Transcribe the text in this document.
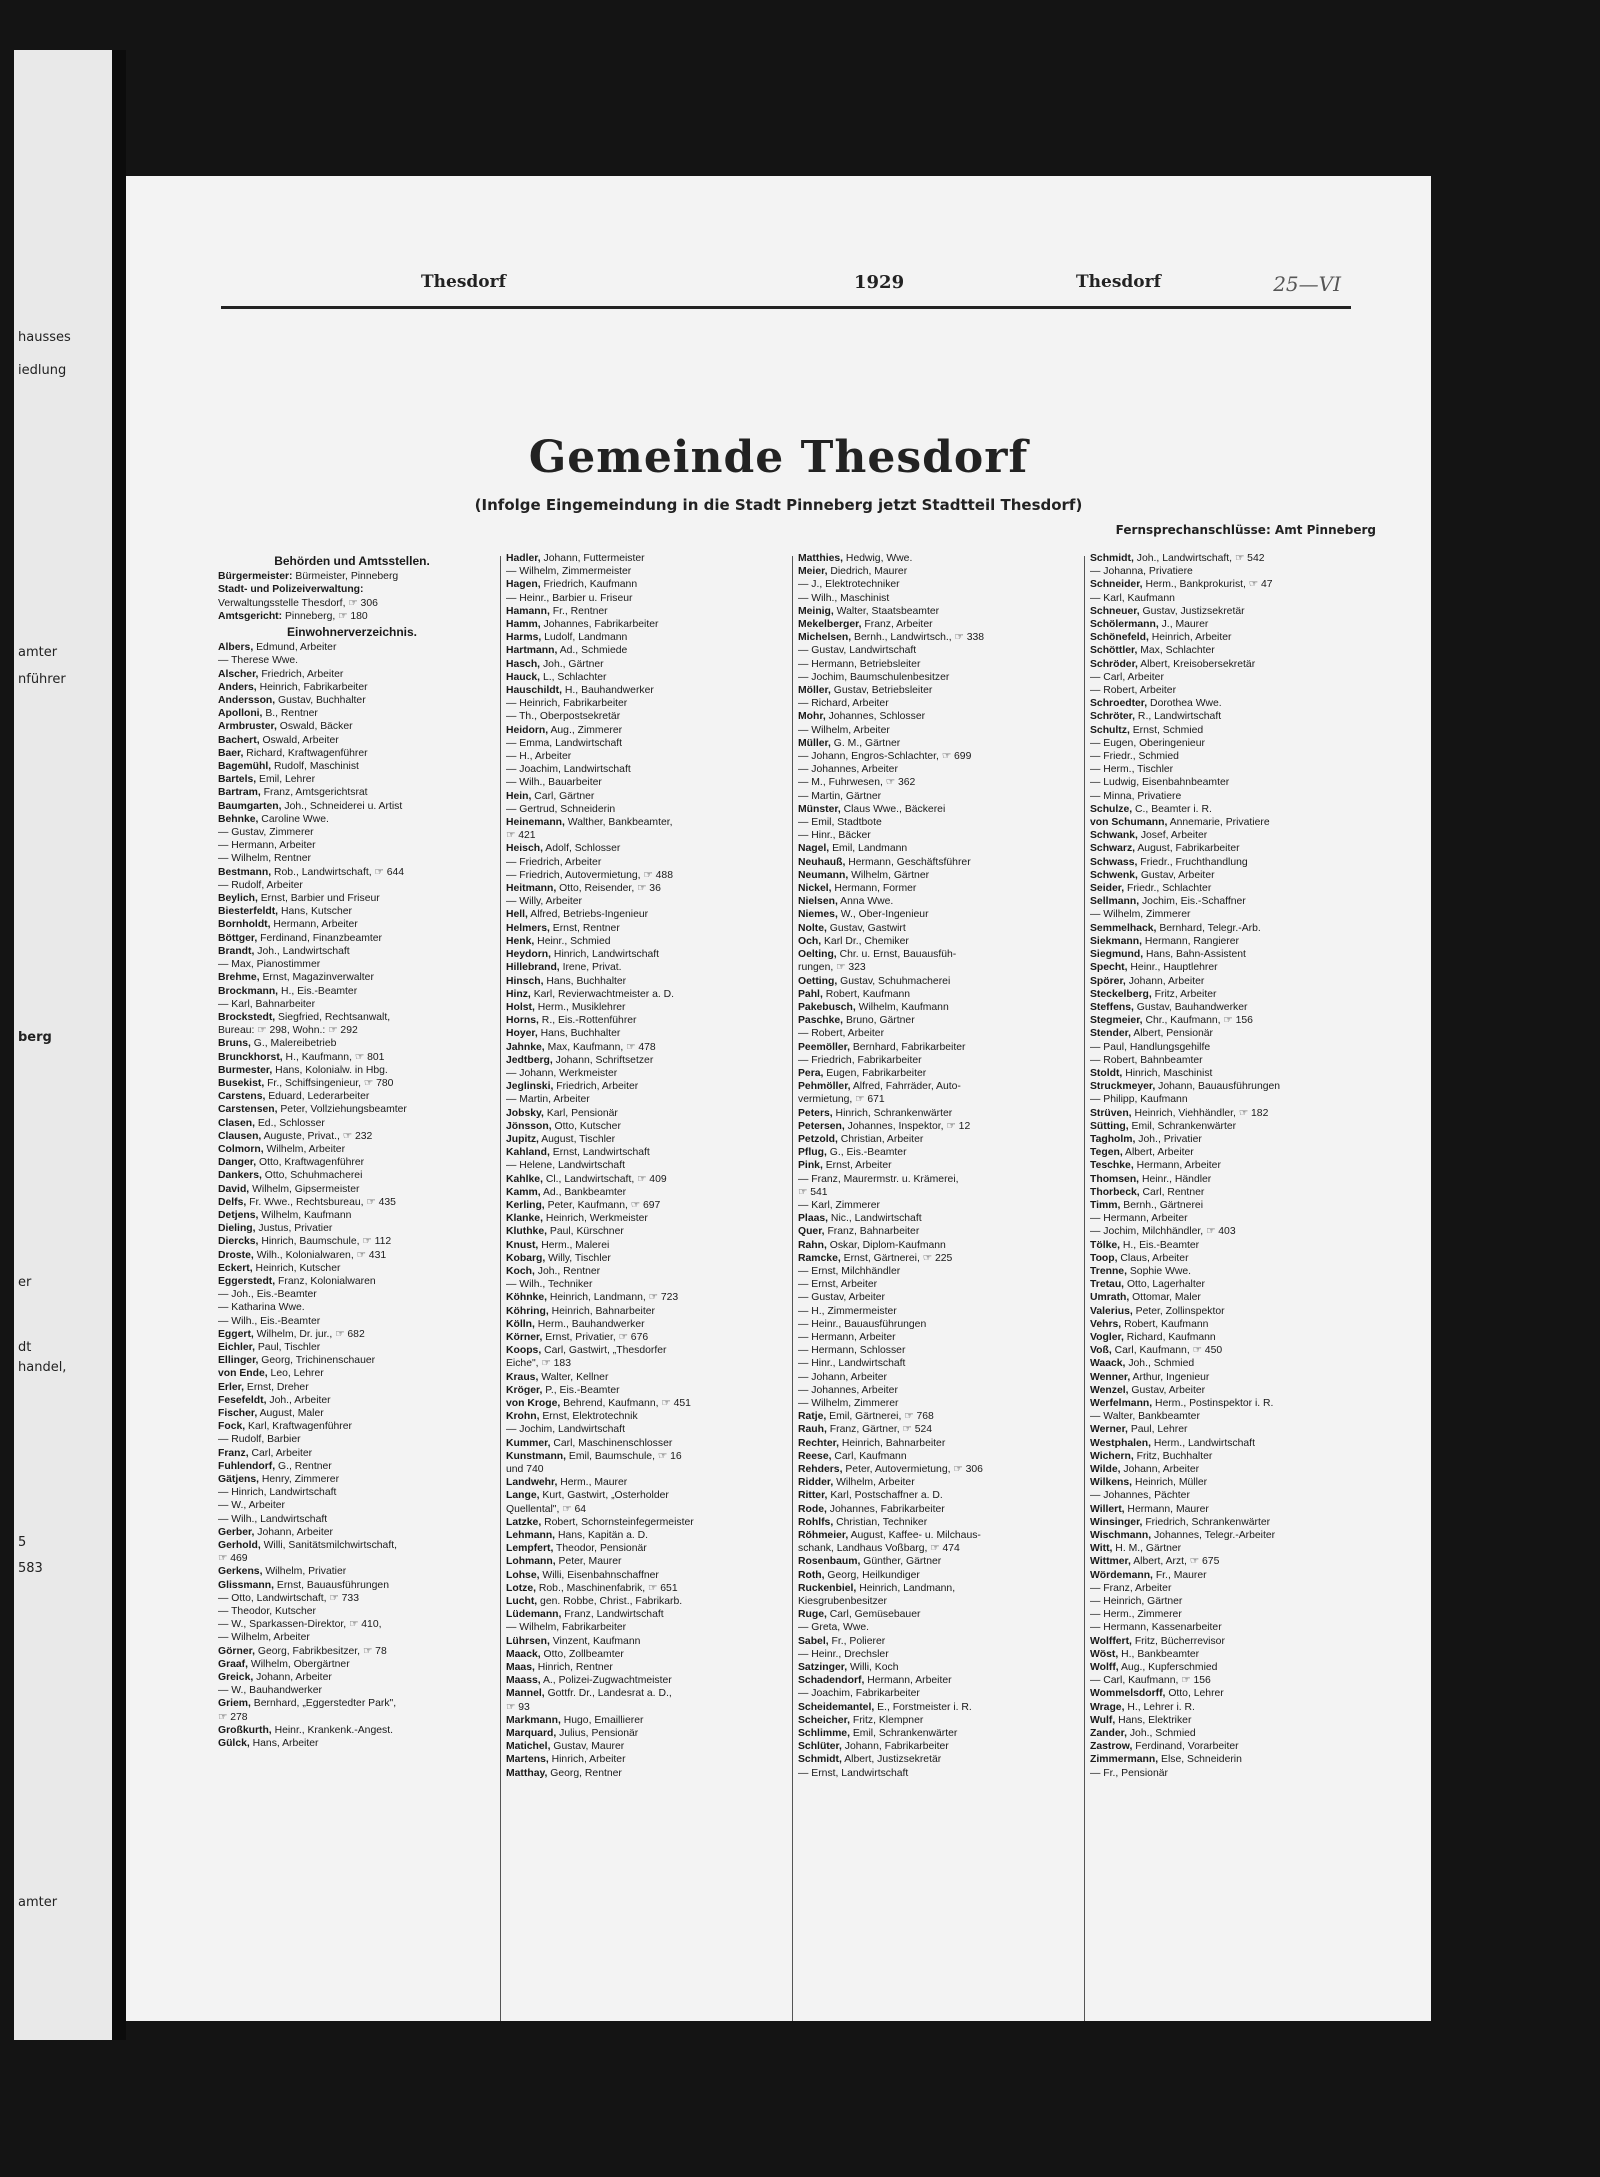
hausses
iedlung
amter
nführer
berg
er
dt
handel,
5
583
amter
Thesdorf	1929	Thesdorf	25—VI
Gemeinde Thesdorf
(Infolge Eingemeindung in die Stadt Pinneberg jetzt Stadtteil Thesdorf)
Fernsprechanschlüsse: Amt Pinneberg
Behörden und Amtsstellen.
Bürgermeister: Bürmeister, Pinneberg
Stadt- und Polizeiverwaltung:
Verwaltungsstelle Thesdorf, ☞ 306
Amtsgericht: Pinneberg, ☞ 180
Einwohnerverzeichnis.
Albers, Edmund, Arbeiter
— Therese Wwe.
Alscher, Friedrich, Arbeiter
Anders, Heinrich, Fabrikarbeiter
Andersson, Gustav, Buchhalter
Apolloni, B., Rentner
Armbruster, Oswald, Bäcker
Bachert, Oswald, Arbeiter
Baer, Richard, Kraftwagenführer
Bagemühl, Rudolf, Maschinist
Bartels, Emil, Lehrer
Bartram, Franz, Amtsgerichtsrat
Baumgarten, Joh., Schneiderei u. Artist
Behnke, Caroline Wwe.
— Gustav, Zimmerer
— Hermann, Arbeiter
— Wilhelm, Rentner
Bestmann, Rob., Landwirtschaft, ☞ 644
— Rudolf, Arbeiter
Beylich, Ernst, Barbier und Friseur
Biesterfeldt, Hans, Kutscher
Bornholdt, Hermann, Arbeiter
Böttger, Ferdinand, Finanzbeamter
Brandt, Joh., Landwirtschaft
— Max, Pianostimmer
Brehme, Ernst, Magazinverwalter
Brockmann, H., Eis.-Beamter
— Karl, Bahnarbeiter
Brockstedt, Siegfried, Rechtsanwalt,
Bureau: ☞ 298, Wohn.: ☞ 292
Bruns, G., Malereibetrieb
Brunckhorst, H., Kaufmann, ☞ 801
Burmester, Hans, Kolonialw. in Hbg.
Busekist, Fr., Schiffsingenieur, ☞ 780
Carstens, Eduard, Lederarbeiter
Carstensen, Peter, Vollziehungsbeamter
Clasen, Ed., Schlosser
Clausen, Auguste, Privat., ☞ 232
Colmorn, Wilhelm, Arbeiter
Danger, Otto, Kraftwagenführer
Dankers, Otto, Schuhmacherei
David, Wilhelm, Gipsermeister
Delfs, Fr. Wwe., Rechtsbureau, ☞ 435
Detjens, Wilhelm, Kaufmann
Dieling, Justus, Privatier
Diercks, Hinrich, Baumschule, ☞ 112
Droste, Wilh., Kolonialwaren, ☞ 431
Eckert, Heinrich, Kutscher
Eggerstedt, Franz, Kolonialwaren
— Joh., Eis.-Beamter
— Katharina Wwe.
— Wilh., Eis.-Beamter
Eggert, Wilhelm, Dr. jur., ☞ 682
Eichler, Paul, Tischler
Ellinger, Georg, Trichinenschauer
von Ende, Leo, Lehrer
Erler, Ernst, Dreher
Fesefeldt, Joh., Arbeiter
Fischer, August, Maler
Fock, Karl, Kraftwagenführer
— Rudolf, Barbier
Franz, Carl, Arbeiter
Fuhlendorf, G., Rentner
Gätjens, Henry, Zimmerer
— Hinrich, Landwirtschaft
— W., Arbeiter
— Wilh., Landwirtschaft
Gerber, Johann, Arbeiter
Gerhold, Willi, Sanitätsmilchwirtschaft,
☞ 469
Gerkens, Wilhelm, Privatier
Glissmann, Ernst, Bauausführungen
— Otto, Landwirtschaft, ☞ 733
— Theodor, Kutscher
— W., Sparkassen-Direktor, ☞ 410,
— Wilhelm, Arbeiter
Görner, Georg, Fabrikbesitzer, ☞ 78
Graaf, Wilhelm, Obergärtner
Greick, Johann, Arbeiter
— W., Bauhandwerker
Griem, Bernhard, „Eggerstedter Park",
☞ 278
Großkurth, Heinr., Krankenk.-Angest.
Gülck, Hans, Arbeiter
Hadler, Johann, Futtermeister
— Wilhelm, Zimmermeister
Hagen, Friedrich, Kaufmann
— Heinr., Barbier u. Friseur
Hamann, Fr., Rentner
Hamm, Johannes, Fabrikarbeiter
Harms, Ludolf, Landmann
Hartmann, Ad., Schmiede
Hasch, Joh., Gärtner
Hauck, L., Schlachter
Hauschildt, H., Bauhandwerker
— Heinrich, Fabrikarbeiter
— Th., Oberpostsekretär
Heidorn, Aug., Zimmerer
— Emma, Landwirtschaft
— H., Arbeiter
— Joachim, Landwirtschaft
— Wilh., Bauarbeiter
Hein, Carl, Gärtner
— Gertrud, Schneiderin
Heinemann, Walther, Bankbeamter,
☞ 421
Heisch, Adolf, Schlosser
— Friedrich, Arbeiter
— Friedrich, Autovermietung, ☞ 488
Heitmann, Otto, Reisender, ☞ 36
— Willy, Arbeiter
Hell, Alfred, Betriebs-Ingenieur
Helmers, Ernst, Rentner
Henk, Heinr., Schmied
Heydorn, Hinrich, Landwirtschaft
Hillebrand, Irene, Privat.
Hinsch, Hans, Buchhalter
Hinz, Karl, Revierwachtmeister a. D.
Holst, Herm., Musiklehrer
Horns, R., Eis.-Rottenführer
Hoyer, Hans, Buchhalter
Jahnke, Max, Kaufmann, ☞ 478
Jedtberg, Johann, Schriftsetzer
— Johann, Werkmeister
Jeglinski, Friedrich, Arbeiter
— Martin, Arbeiter
Jobsky, Karl, Pensionär
Jönsson, Otto, Kutscher
Jupitz, August, Tischler
Kahland, Ernst, Landwirtschaft
— Helene, Landwirtschaft
Kahlke, Cl., Landwirtschaft, ☞ 409
Kamm, Ad., Bankbeamter
Kerling, Peter, Kaufmann, ☞ 697
Klanke, Heinrich, Werkmeister
Kluthke, Paul, Kürschner
Knust, Herm., Malerei
Kobarg, Willy, Tischler
Koch, Joh., Rentner
— Wilh., Techniker
Köhnke, Heinrich, Landmann, ☞ 723
Köhring, Heinrich, Bahnarbeiter
Kölln, Herm., Bauhandwerker
Körner, Ernst, Privatier, ☞ 676
Koops, Carl, Gastwirt, „Thesdorfer
Eiche", ☞ 183
Kraus, Walter, Kellner
Kröger, P., Eis.-Beamter
von Kroge, Behrend, Kaufmann, ☞ 451
Krohn, Ernst, Elektrotechnik
— Jochim, Landwirtschaft
Kummer, Carl, Maschinenschlosser
Kunstmann, Emil, Baumschule, ☞ 16
und 740
Landwehr, Herm., Maurer
Lange, Kurt, Gastwirt, „Osterholder
Quellental", ☞ 64
Latzke, Robert, Schornsteinfegermeister
Lehmann, Hans, Kapitän a. D.
Lempfert, Theodor, Pensionär
Lohmann, Peter, Maurer
Lohse, Willi, Eisenbahnschaffner
Lotze, Rob., Maschinenfabrik, ☞ 651
Lucht, gen. Robbe, Christ., Fabrikarb.
Lüdemann, Franz, Landwirtschaft
— Wilhelm, Fabrikarbeiter
Lührsen, Vinzent, Kaufmann
Maack, Otto, Zollbeamter
Maas, Hinrich, Rentner
Maass, A., Polizei-Zugwachtmeister
Mannel, Gottfr. Dr., Landesrat a. D.,
☞ 93
Markmann, Hugo, Emaillierer
Marquard, Julius, Pensionär
Matichel, Gustav, Maurer
Martens, Hinrich, Arbeiter
Matthay, Georg, Rentner
Matthies, Hedwig, Wwe.
Meier, Diedrich, Maurer
— J., Elektrotechniker
— Wilh., Maschinist
Meinig, Walter, Staatsbeamter
Mekelberger, Franz, Arbeiter
Michelsen, Bernh., Landwirtsch., ☞ 338
— Gustav, Landwirtschaft
— Hermann, Betriebsleiter
— Jochim, Baumschulenbesitzer
Möller, Gustav, Betriebsleiter
— Richard, Arbeiter
Mohr, Johannes, Schlosser
— Wilhelm, Arbeiter
Müller, G. M., Gärtner
— Johann, Engros-Schlachter, ☞ 699
— Johannes, Arbeiter
— M., Fuhrwesen, ☞ 362
— Martin, Gärtner
Münster, Claus Wwe., Bäckerei
— Emil, Stadtbote
— Hinr., Bäcker
Nagel, Emil, Landmann
Neuhauß, Hermann, Geschäftsführer
Neumann, Wilhelm, Gärtner
Nickel, Hermann, Former
Nielsen, Anna Wwe.
Niemes, W., Ober-Ingenieur
Nolte, Gustav, Gastwirt
Och, Karl Dr., Chemiker
Oelting, Chr. u. Ernst, Bauausfüh-
rungen, ☞ 323
Oetting, Gustav, Schuhmacherei
Pahl, Robert, Kaufmann
Pakebusch, Wilhelm, Kaufmann
Paschke, Bruno, Gärtner
— Robert, Arbeiter
Peemöller, Bernhard, Fabrikarbeiter
— Friedrich, Fabrikarbeiter
Pera, Eugen, Fabrikarbeiter
Pehmöller, Alfred, Fahrräder, Auto-
vermietung, ☞ 671
Peters, Hinrich, Schrankenwärter
Petersen, Johannes, Inspektor, ☞ 12
Petzold, Christian, Arbeiter
Pflug, G., Eis.-Beamter
Pink, Ernst, Arbeiter
— Franz, Maurermstr. u. Krämerei,
☞ 541
— Karl, Zimmerer
Plaas, Nic., Landwirtschaft
Quer, Franz, Bahnarbeiter
Rahn, Oskar, Diplom-Kaufmann
Ramcke, Ernst, Gärtnerei, ☞ 225
— Ernst, Milchhändler
— Ernst, Arbeiter
— Gustav, Arbeiter
— H., Zimmermeister
— Heinr., Bauausführungen
— Hermann, Arbeiter
— Hermann, Schlosser
— Hinr., Landwirtschaft
— Johann, Arbeiter
— Johannes, Arbeiter
— Wilhelm, Zimmerer
Ratje, Emil, Gärtnerei, ☞ 768
Rauh, Franz, Gärtner, ☞ 524
Rechter, Heinrich, Bahnarbeiter
Reese, Carl, Kaufmann
Rehders, Peter, Autovermietung, ☞ 306
Ridder, Wilhelm, Arbeiter
Ritter, Karl, Postschaffner a. D.
Rode, Johannes, Fabrikarbeiter
Rohlfs, Christian, Techniker
Röhmeier, August, Kaffee- u. Milchaus-
schank, Landhaus Voßbarg, ☞ 474
Rosenbaum, Günther, Gärtner
Roth, Georg, Heilkundiger
Ruckenbiel, Heinrich, Landmann,
Kiesgrubenbesitzer
Ruge, Carl, Gemüsebauer
— Greta, Wwe.
Sabel, Fr., Polierer
— Heinr., Drechsler
Satzinger, Willi, Koch
Schadendorf, Hermann, Arbeiter
— Joachim, Fabrikarbeiter
Scheidemantel, E., Forstmeister i. R.
Scheicher, Fritz, Klempner
Schlimme, Emil, Schrankenwärter
Schlüter, Johann, Fabrikarbeiter
Schmidt, Albert, Justizsekretär
— Ernst, Landwirtschaft
Schmidt, Joh., Landwirtschaft, ☞ 542
— Johanna, Privatiere
Schneider, Herm., Bankprokurist, ☞ 47
— Karl, Kaufmann
Schneuer, Gustav, Justizsekretär
Schölermann, J., Maurer
Schönefeld, Heinrich, Arbeiter
Schöttler, Max, Schlachter
Schröder, Albert, Kreisobersekretär
— Carl, Arbeiter
— Robert, Arbeiter
Schroedter, Dorothea Wwe.
Schröter, R., Landwirtschaft
Schultz, Ernst, Schmied
— Eugen, Oberingenieur
— Friedr., Schmied
— Herm., Tischler
— Ludwig, Eisenbahnbeamter
— Minna, Privatiere
Schulze, C., Beamter i. R.
von Schumann, Annemarie, Privatiere
Schwank, Josef, Arbeiter
Schwarz, August, Fabrikarbeiter
Schwass, Friedr., Fruchthandlung
Schwenk, Gustav, Arbeiter
Seider, Friedr., Schlachter
Sellmann, Jochim, Eis.-Schaffner
— Wilhelm, Zimmerer
Semmelhack, Bernhard, Telegr.-Arb.
Siekmann, Hermann, Rangierer
Siegmund, Hans, Bahn-Assistent
Specht, Heinr., Hauptlehrer
Spörer, Johann, Arbeiter
Steckelberg, Fritz, Arbeiter
Steffens, Gustav, Bauhandwerker
Stegmeier, Chr., Kaufmann, ☞ 156
Stender, Albert, Pensionär
— Paul, Handlungsgehilfe
— Robert, Bahnbeamter
Stoldt, Hinrich, Maschinist
Struckmeyer, Johann, Bauausführungen
— Philipp, Kaufmann
Strüven, Heinrich, Viehhändler, ☞ 182
Sütting, Emil, Schrankenwärter
Tagholm, Joh., Privatier
Tegen, Albert, Arbeiter
Teschke, Hermann, Arbeiter
Thomsen, Heinr., Händler
Thorbeck, Carl, Rentner
Timm, Bernh., Gärtnerei
— Hermann, Arbeiter
— Jochim, Milchhändler, ☞ 403
Tölke, H., Eis.-Beamter
Toop, Claus, Arbeiter
Trenne, Sophie Wwe.
Tretau, Otto, Lagerhalter
Umrath, Ottomar, Maler
Valerius, Peter, Zollinspektor
Vehrs, Robert, Kaufmann
Vogler, Richard, Kaufmann
Voß, Carl, Kaufmann, ☞ 450
Waack, Joh., Schmied
Wenner, Arthur, Ingenieur
Wenzel, Gustav, Arbeiter
Werfelmann, Herm., Postinspektor i. R.
— Walter, Bankbeamter
Werner, Paul, Lehrer
Westphalen, Herm., Landwirtschaft
Wichern, Fritz, Buchhalter
Wilde, Johann, Arbeiter
Wilkens, Heinrich, Müller
— Johannes, Pächter
Willert, Hermann, Maurer
Winsinger, Friedrich, Schrankenwärter
Wischmann, Johannes, Telegr.-Arbeiter
Witt, H. M., Gärtner
Wittmer, Albert, Arzt, ☞ 675
Wördemann, Fr., Maurer
— Franz, Arbeiter
— Heinrich, Gärtner
— Herm., Zimmerer
— Hermann, Kassenarbeiter
Wolffert, Fritz, Bücherrevisor
Wöst, H., Bankbeamter
Wolff, Aug., Kupferschmied
— Carl, Kaufmann, ☞ 156
Wommelsdorff, Otto, Lehrer
Wrage, H., Lehrer i. R.
Wulf, Hans, Elektriker
Zander, Joh., Schmied
Zastrow, Ferdinand, Vorarbeiter
Zimmermann, Else, Schneiderin
— Fr., Pensionär
